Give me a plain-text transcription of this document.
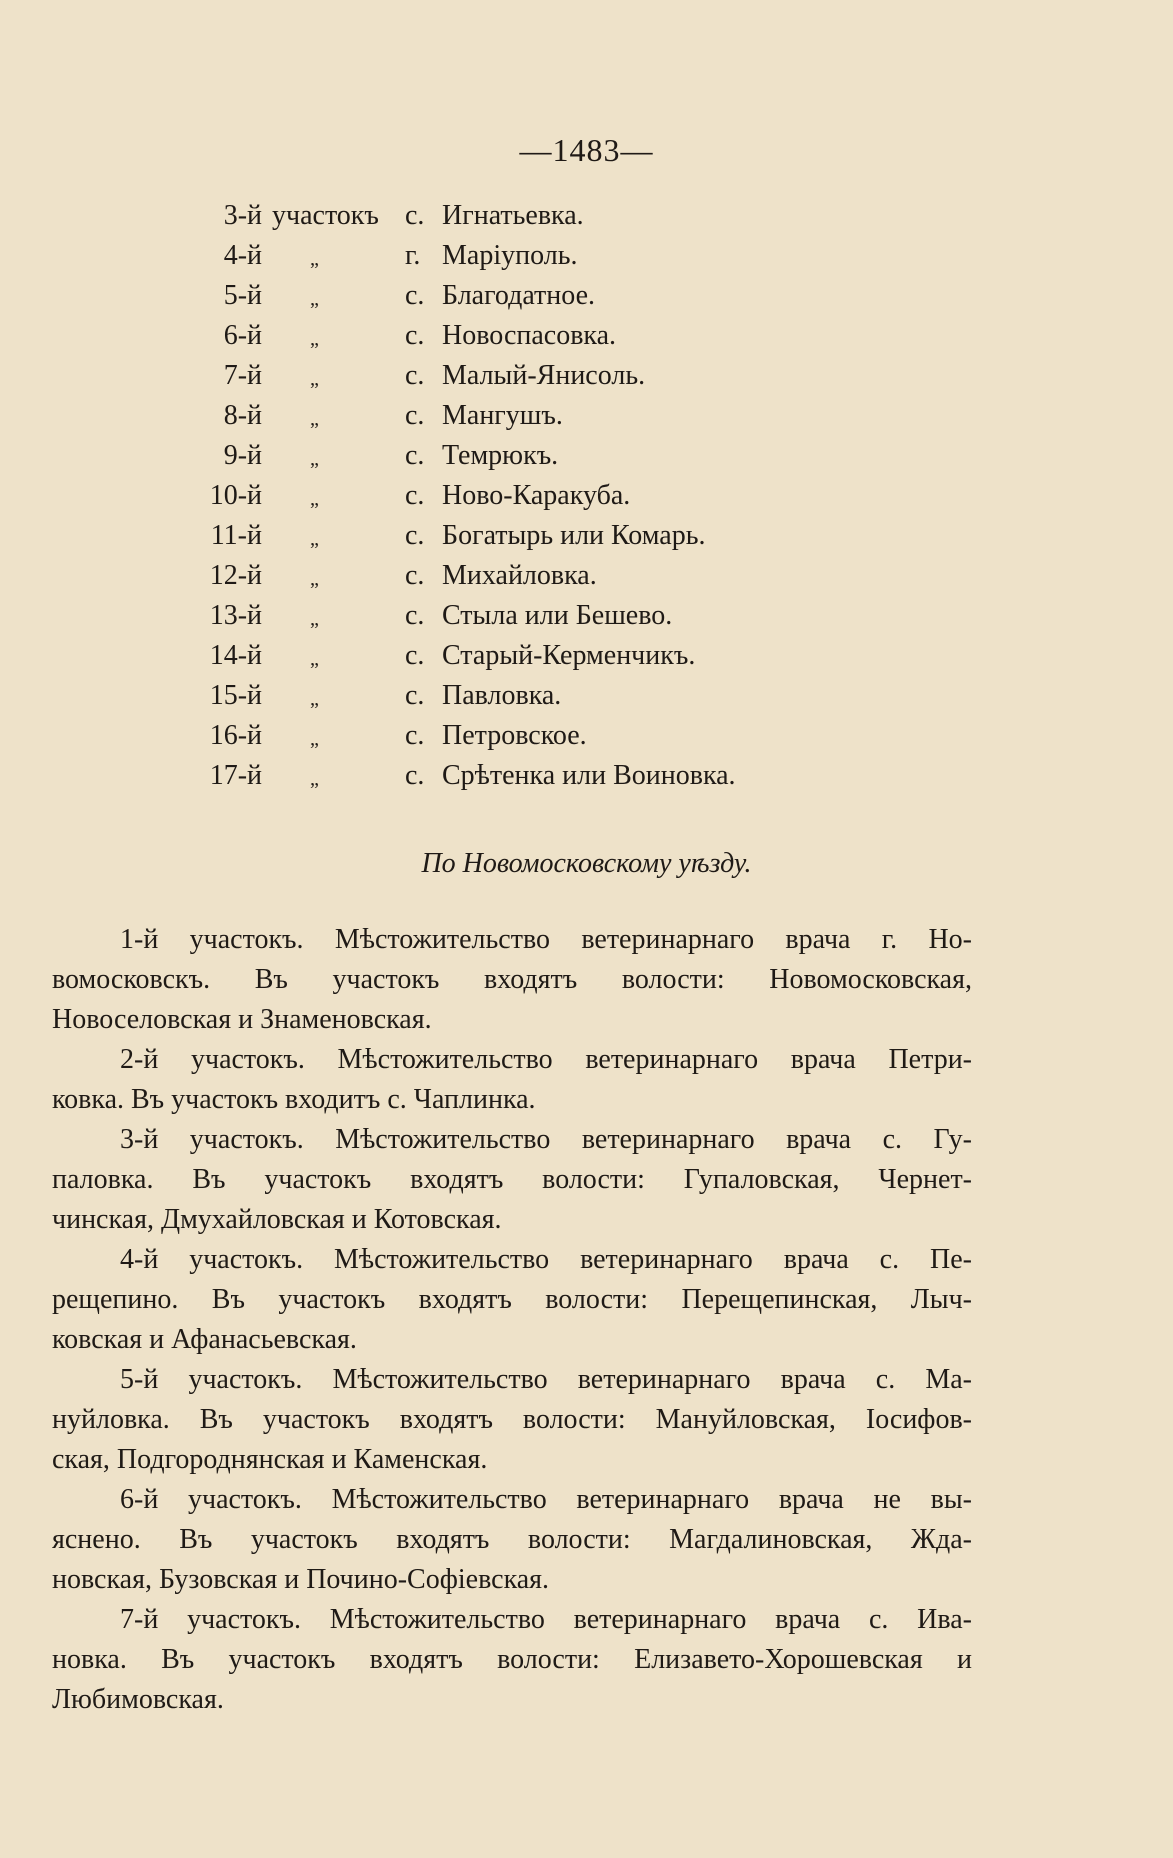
—1483—
3-й участокъ с. Игнатьевка.
4-й „	г. Маріуполь.
5-й „	с. Благодатное.
6-й „	с. Новоспасовка.
7-й „	с. Малый-Янисоль.
8-й „	с. Мангушъ.
9-й „	с. Темрюкъ.
10-й „	с. Ново-Каракуба.
11-й „	с. Богатырь или Комарь.
12-й „	с. Михайловка.
13-й „	с. Стыла или Бешево.
14-й „	с. Старый-Керменчикъ.
15-й „	с. Павловка.
16-й „	с. Петровское.
17-й „	с. Срѣтенка или Воиновка.
По Новомосковскому уѣзду.
1-й участокъ. Мѣстожительство ветеринарнаго врача г. Но-
вомосковскъ. Въ участокъ входятъ волости: Новомосковская,
Новоселовская и Знаменовская.
2-й участокъ. Мѣстожительство ветеринарнаго врача Петри-
ковка. Въ участокъ входитъ с. Чаплинка.
3-й участокъ. Мѣстожительство ветеринарнаго врача с. Гу-
паловка. Въ участокъ входятъ волости: Гупаловская, Чернет-
чинская, Дмухайловская и Котовская.
4-й участокъ. Мѣстожительство ветеринарнаго врача с. Пе-
рещепино. Въ участокъ входятъ волости: Перещепинская, Лыч-
ковская и Афанасьевская.
5-й участокъ. Мѣстожительство ветеринарнаго врача с. Ма-
нуйловка. Въ участокъ входятъ волости: Мануйловская, Іосифов-
ская, Подгороднянская и Каменская.
6-й участокъ. Мѣстожительство ветеринарнаго врача не вы-
яснено. Въ участокъ входятъ волости: Магдалиновская, Жда-
новская, Бузовская и Почино-Софіевская.
7-й участокъ. Мѣстожительство ветеринарнаго врача с. Ива-
новка. Въ участокъ входятъ волости: Елизавето-Хорошевская и
Любимовская.
